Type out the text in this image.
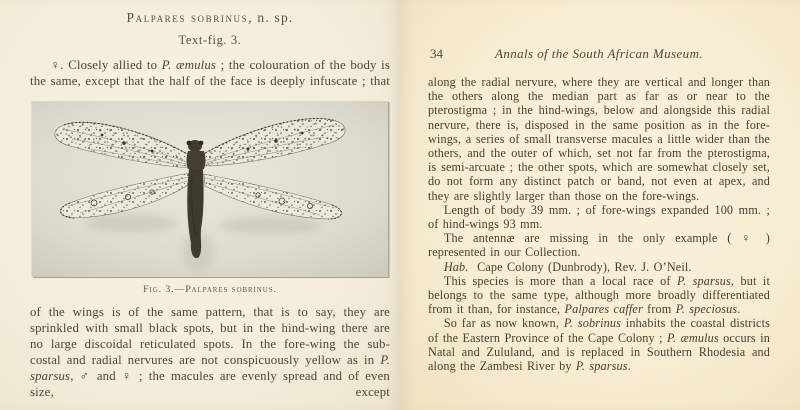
Palpares sobrinus, n. sp.
Text-fig. 3.

♀. Closely allied to P. æmulus ; the colouration of the body is the same, except that the half of the face is deeply infuscate ; that

Fig. 3.—Palpares sobrinus.

of the wings is of the same pattern, that is to say, they are sprinkled with small black spots, but in the hind-wing there are no large discoidal reticulated spots. In the fore-wing the sub-costal and radial nervures are not conspicuously yellow as in P. sparsus, ♂ and ♀ ; the macules are evenly spread and of even size, except

34	Annals of the South African Museum.

along the radial nervure, where they are vertical and longer than the others along the median part as far as or near to the pterostigma ; in the hind-wings, below and alongside this radial nervure, there is, disposed in the same position as in the fore-wings, a series of small transverse macules a little wider than the others, and the outer of which, set not far from the pterostigma, is semi-arcuate ; the other spots, which are somewhat closely set, do not form any distinct patch or band, not even at apex, and they are slightly larger than those on the fore-wings.

Length of body 39 mm. ; of fore-wings expanded 100 mm. ; of hind-wings 93 mm.

The antennæ are missing in the only example ( ♀ ) represented in our Collection.

Hab.  Cape Colony (Dunbrody), Rev. J. O’Neil.

This species is more than a local race of P. sparsus, but it belongs to the same type, although more broadly differentiated from it than, for instance, Palpares caffer from P. speciosus.

So far as now known, P. sobrinus inhabits the coastal districts of the Eastern Province of the Cape Colony ; P. æmulus occurs in Natal and Zululand, and is replaced in Southern Rhodesia and along the Zambesi River by P. sparsus.
